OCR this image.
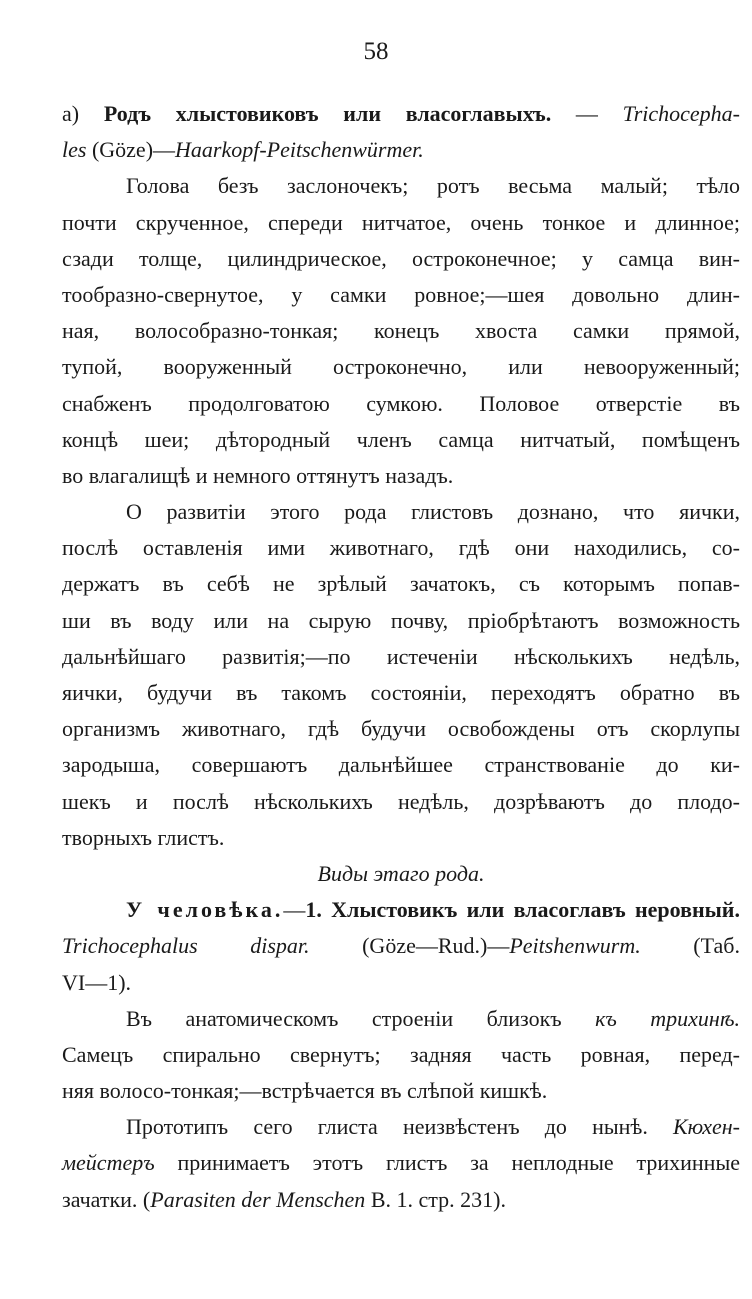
58
a) Родъ хлыстовиковъ или власоглавыхъ. — Trichocepha-
les (Göze)—Haarkopf-Peitschenwürmer.
Голова безъ заслоночекъ; ротъ весьма малый; тѣло
почти скрученное, спереди нитчатое, очень тонкое и длинное;
сзади толще, цилиндрическое, остроконечное; у самца вин-
тообразно-свернутое, у самки ровное;—шея довольно длин-
ная, волособразно-тонкая; конецъ хвоста самки прямой,
тупой, вооруженный остроконечно, или невооруженный;
снабженъ продолговатою сумкою. Половое отверстіе въ
концѣ шеи; дѣтородный членъ самца нитчатый, помѣщенъ
во влагалищѣ и немного оттянутъ назадъ.
О развитіи этого рода глистовъ дознано, что яички,
послѣ оставленія ими животнаго, гдѣ они находились, со-
держатъ въ себѣ не зрѣлый зачатокъ, съ которымъ попав-
ши въ воду или на сырую почву, пріобрѣтаютъ возможность
дальнѣйшаго развитія;—по истеченіи нѣсколькихъ недѣль,
яички, будучи въ такомъ состояніи, переходятъ обратно въ
организмъ животнаго, гдѣ будучи освобождены отъ скорлупы
зародыша, совершаютъ дальнѣйшее странствованіе до ки-
шекъ и послѣ нѣсколькихъ недѣль, дозрѣваютъ до плодо-
творныхъ глистъ.
Виды этаго рода.
У человѣка.—1. Хлыстовикъ или власоглавъ неровный.
Trichocephalus dispar. (Göze—Rud.)—Peitshenwurm. (Таб.
VI—1).
Въ анатомическомъ строеніи близокъ къ трихинѣ.
Самецъ спирально свернутъ; задняя часть ровная, перед-
няя волосо-тонкая;—встрѣчается въ слѣпой кишкѣ.
Прототипъ сего глиста неизвѣстенъ до нынѣ. Кюхен-
мейстеръ принимаетъ этотъ глистъ за неплодные трихинные
зачатки. (Parasiten der Menschen B. 1. стр. 231).
